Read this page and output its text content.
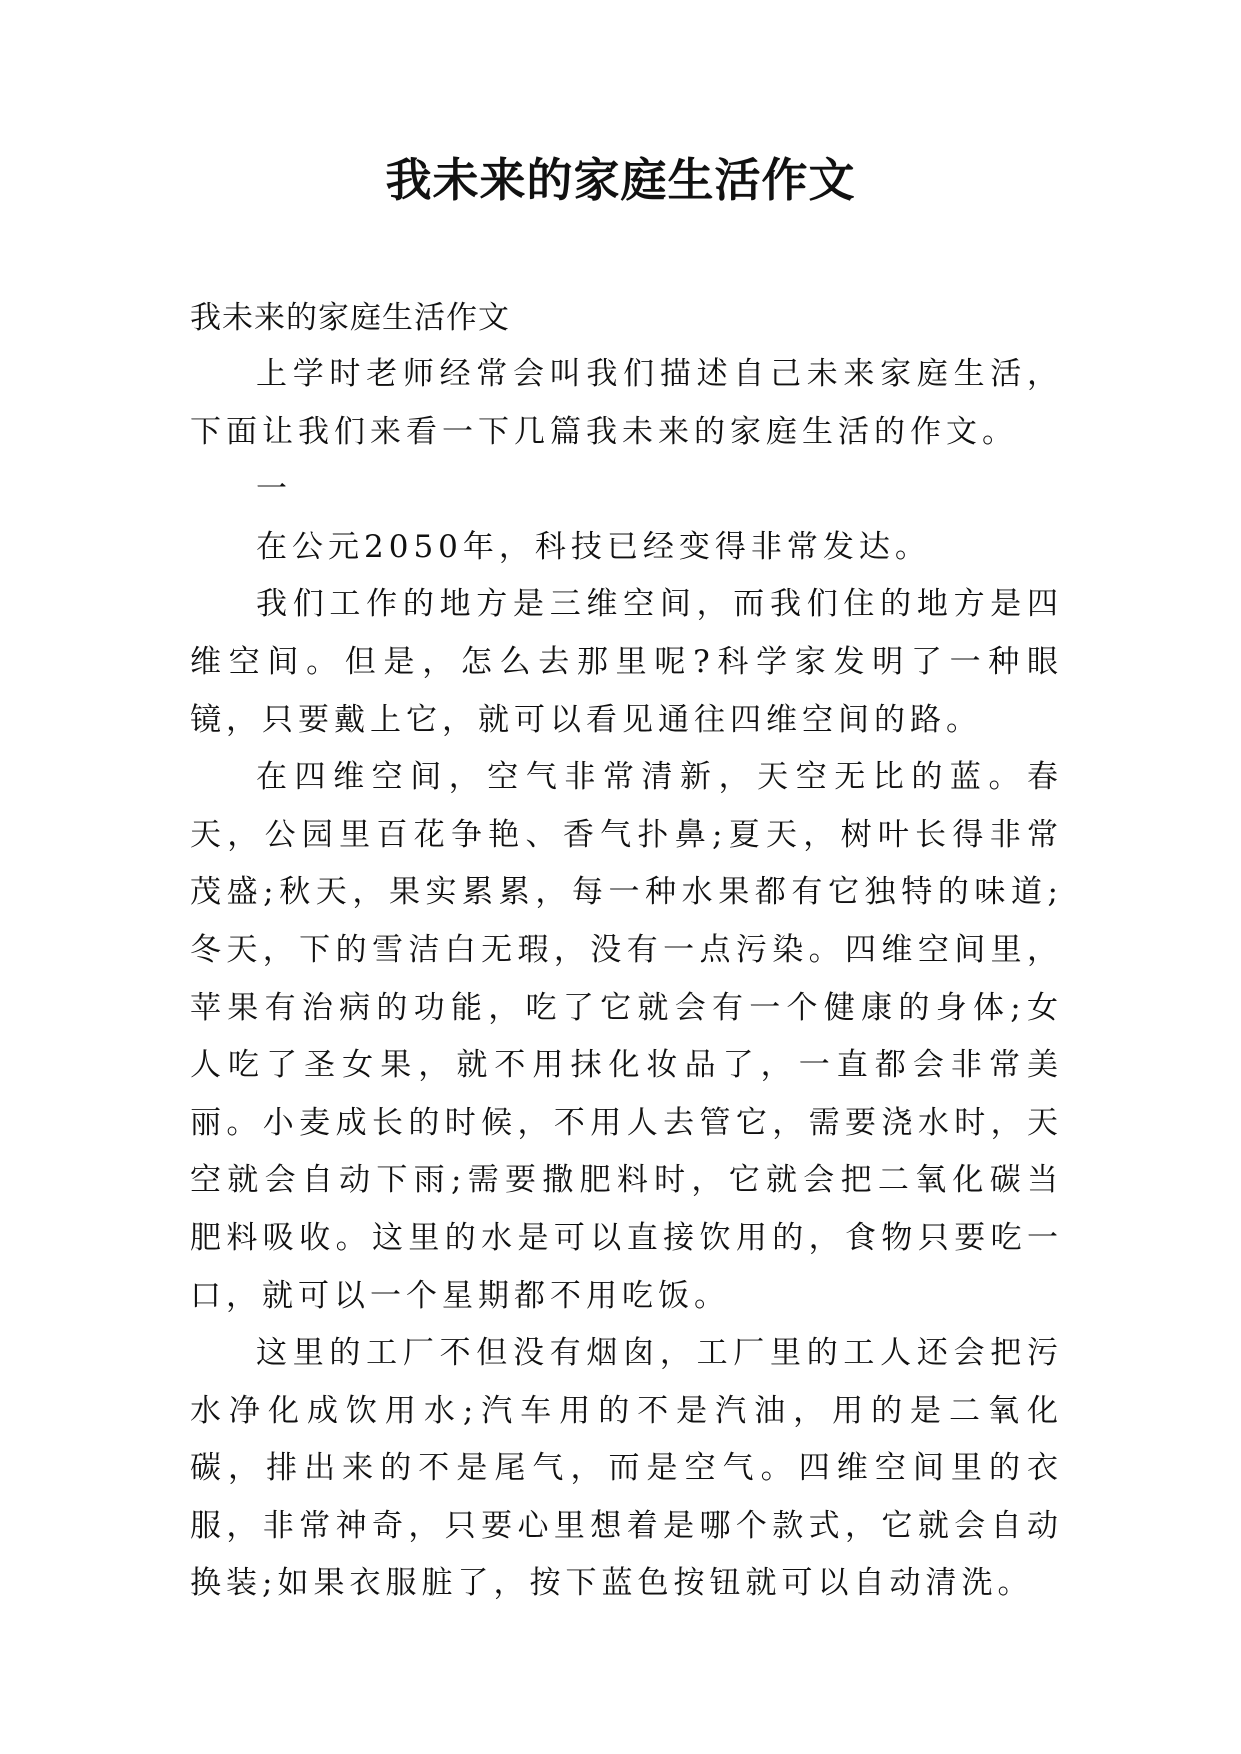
我未来的家庭生活作文
我未来的家庭生活作文

上学时老师经常会叫我们描述自己未来家庭生活，下面让我们来看一下几篇我未来的家庭生活的作文。

一

在公元2050年，科技已经变得非常发达。

我们工作的地方是三维空间，而我们住的地方是四维空间。但是，怎么去那里呢?科学家发明了一种眼镜，只要戴上它，就可以看见通往四维空间的路。

在四维空间，空气非常清新，天空无比的蓝。春天，公园里百花争艳、香气扑鼻;夏天，树叶长得非常茂盛;秋天，果实累累，每一种水果都有它独特的味道;冬天，下的雪洁白无瑕，没有一点污染。四维空间里，苹果有治病的功能，吃了它就会有一个健康的身体;女人吃了圣女果，就不用抹化妆品了，一直都会非常美丽。小麦成长的时候，不用人去管它，需要浇水时，天空就会自动下雨;需要撒肥料时，它就会把二氧化碳当肥料吸收。这里的水是可以直接饮用的，食物只要吃一口，就可以一个星期都不用吃饭。

这里的工厂不但没有烟囱，工厂里的工人还会把污水净化成饮用水;汽车用的不是汽油，用的是二氧化碳，排出来的不是尾气，而是空气。四维空间里的衣服，非常神奇，只要心里想着是哪个款式，它就会自动换装;如果衣服脏了，按下蓝色按钮就可以自动清洗。
